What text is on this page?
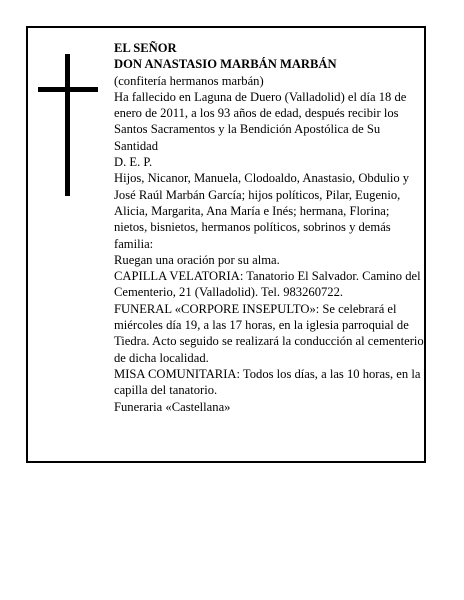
EL SEÑOR

DON ANASTASIO MARBÁN MARBÁN

(confitería hermanos marbán)

Ha fallecido en Laguna de Duero (Valladolid) el día 18 de enero de 2011, a los 93 años de edad, después recibir los Santos Sacramentos y la Bendición Apostólica de Su Santidad

D. E. P.

Hijos, Nicanor, Manuela, Clodoaldo, Anastasio, Obdulio y José Raúl Marbán García; hijos políticos, Pilar, Eugenio, Alicia, Margarita, Ana María e Inés; hermana, Florina; nietos, bisnietos, hermanos políticos, sobrinos y demás familia:

Ruegan una oración por su alma.

CAPILLA VELATORIA: Tanatorio El Salvador. Camino del Cementerio, 21 (Valladolid). Tel. 983260722.

FUNERAL «CORPORE INSEPULTO»: Se celebrará el miércoles día 19, a las 17 horas, en la iglesia parroquial de Tiedra. Acto seguido se realizará la conducción al cementerio de dicha localidad.

MISA COMUNITARIA: Todos los días, a las 10 horas, en la capilla del tanatorio.

Funeraria «Castellana»
